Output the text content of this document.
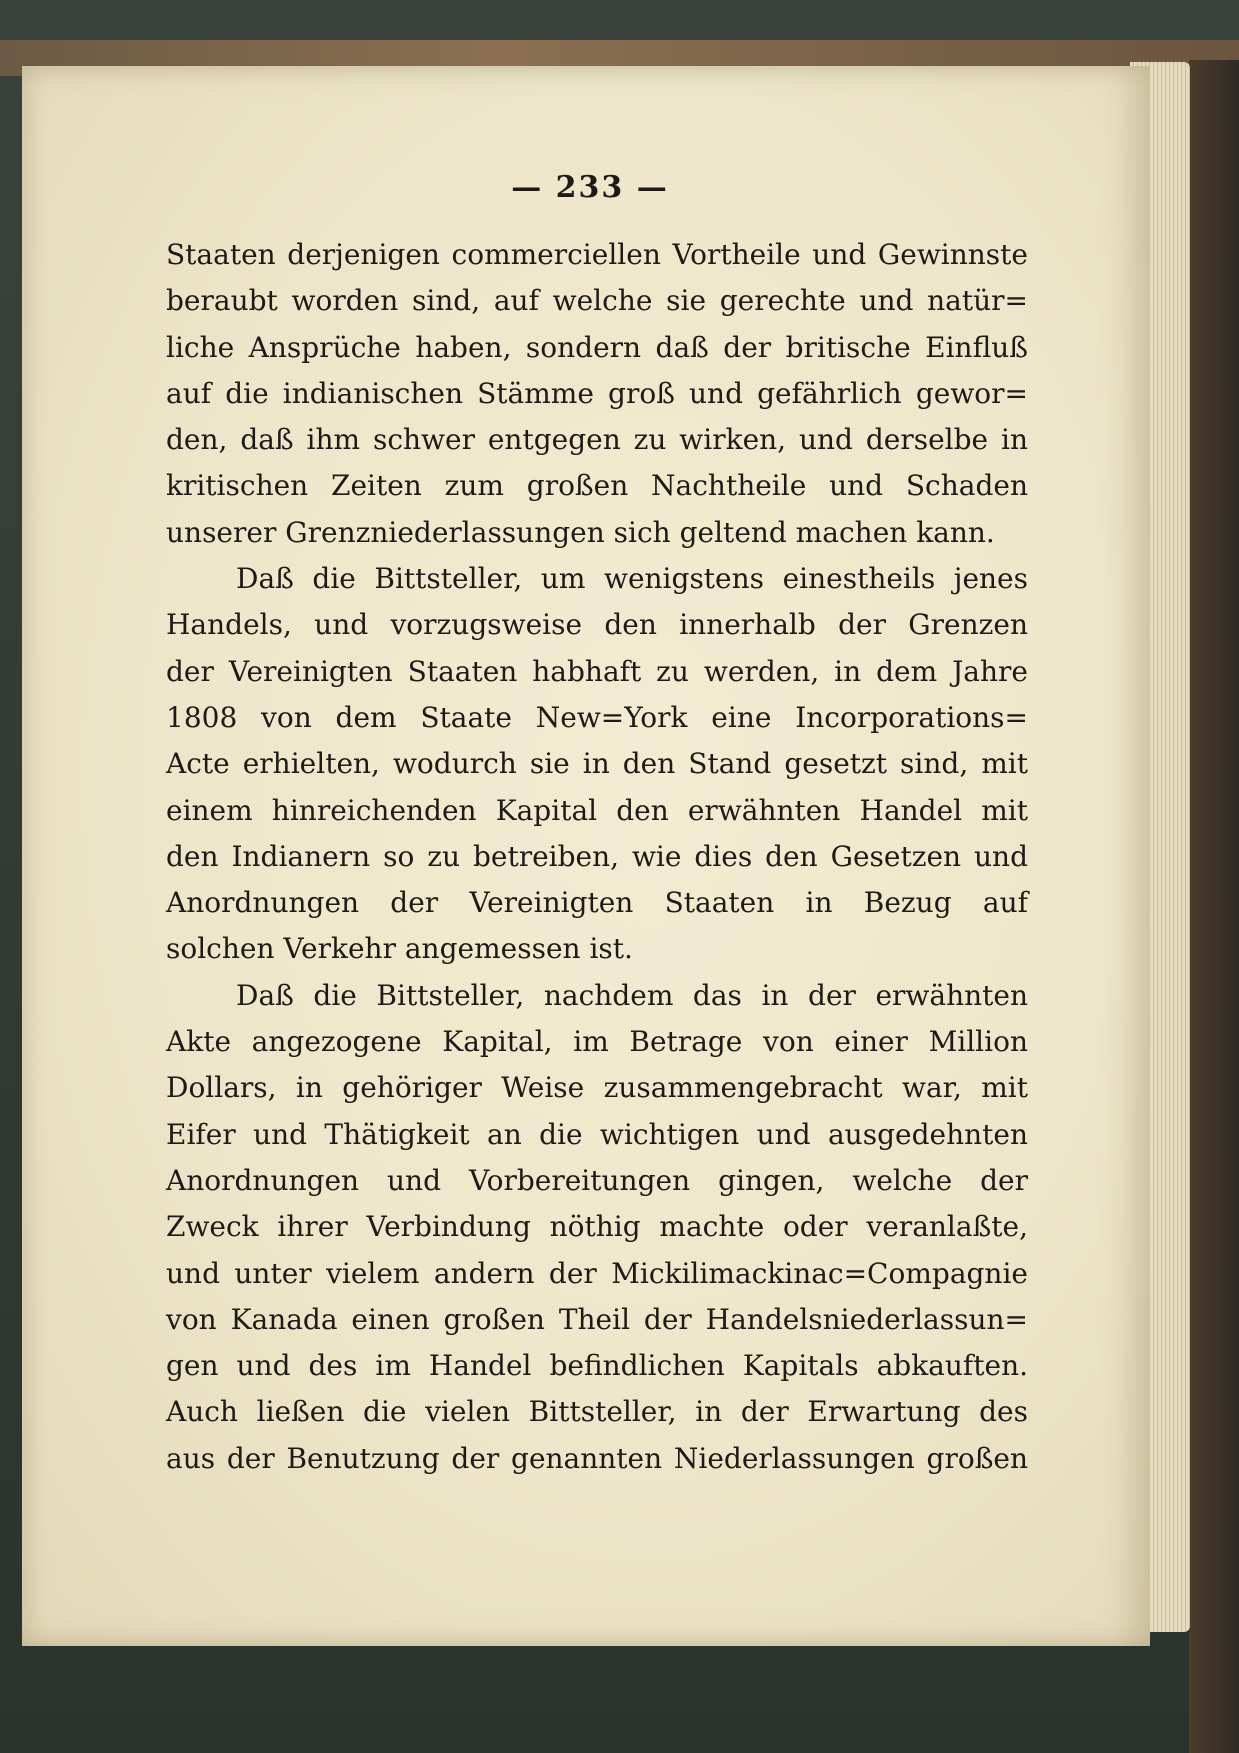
— 233 —
Staaten derjenigen commerciellen Vortheile und Gewinnste
beraubt worden sind, auf welche sie gerechte und natür=
liche Ansprüche haben, sondern daß der britische Einfluß
auf die indianischen Stämme groß und gefährlich gewor=
den, daß ihm schwer entgegen zu wirken, und derselbe in
kritischen Zeiten zum großen Nachtheile und Schaden
unserer Grenzniederlassungen sich geltend machen kann.
Daß die Bittsteller, um wenigstens einestheils jenes
Handels, und vorzugsweise den innerhalb der Grenzen
der Vereinigten Staaten habhaft zu werden, in dem Jahre
1808 von dem Staate New=York eine Incorporations=
Acte erhielten, wodurch sie in den Stand gesetzt sind, mit
einem hinreichenden Kapital den erwähnten Handel mit
den Indianern so zu betreiben, wie dies den Gesetzen und
Anordnungen der Vereinigten Staaten in Bezug auf
solchen Verkehr angemessen ist.
Daß die Bittsteller, nachdem das in der erwähnten
Akte angezogene Kapital, im Betrage von einer Million
Dollars, in gehöriger Weise zusammengebracht war, mit
Eifer und Thätigkeit an die wichtigen und ausgedehnten
Anordnungen und Vorbereitungen gingen, welche der
Zweck ihrer Verbindung nöthig machte oder veranlaßte,
und unter vielem andern der Mickilimackinac=Compagnie
von Kanada einen großen Theil der Handelsniederlassun=
gen und des im Handel befindlichen Kapitals abkauften.
Auch ließen die vielen Bittsteller, in der Erwartung des
aus der Benutzung der genannten Niederlassungen großen
